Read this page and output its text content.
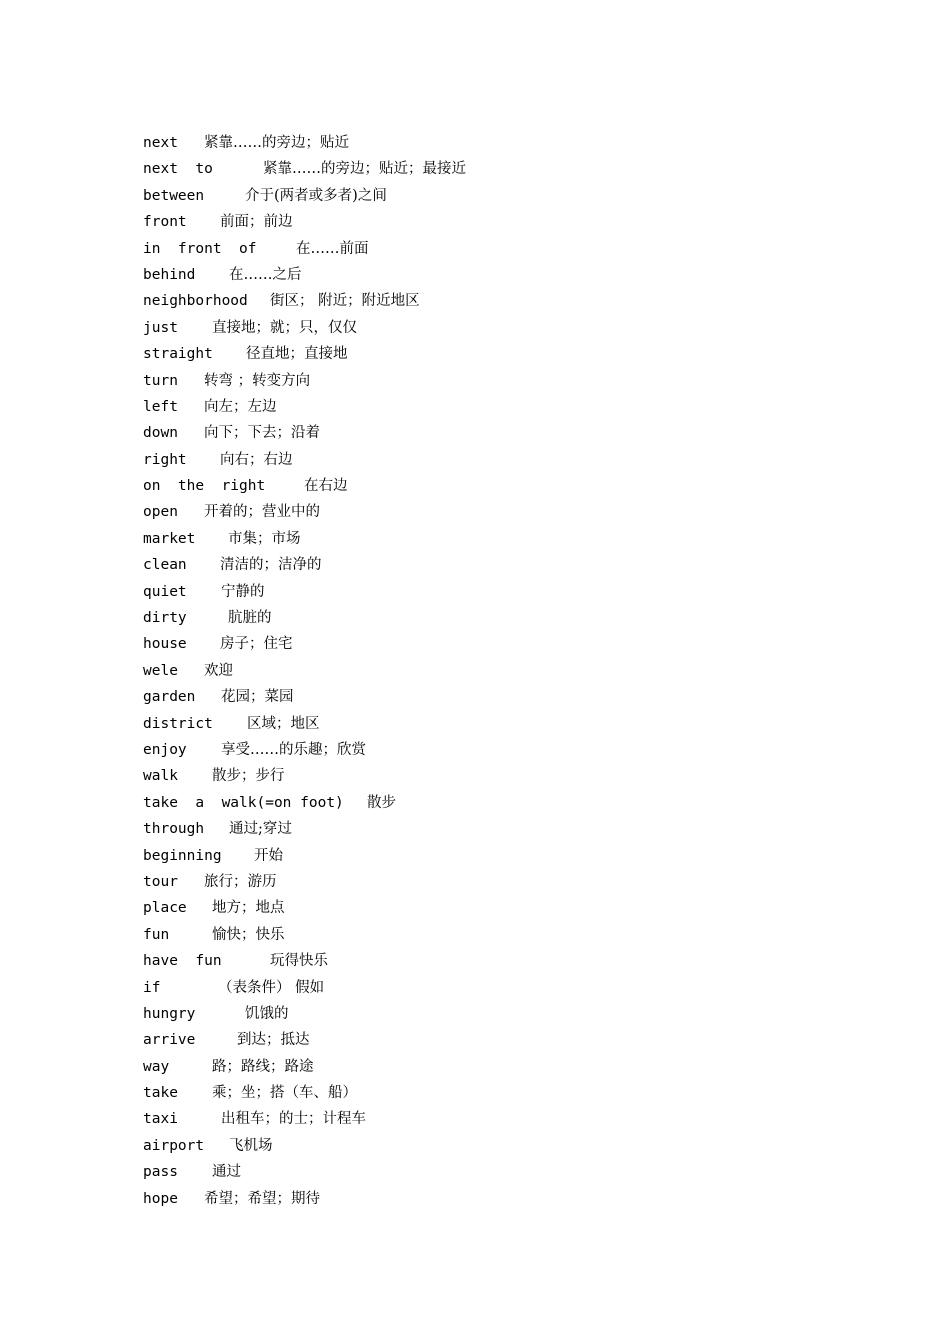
next 紧靠……的旁边；贴近
next  to	紧靠……的旁边；贴近；最接近
between	介于(两者或多者)之间
front 前面；前边
in  front  of	在……前面
behind 在……之后
neighborhood 街区； 附近；附近地区
just 直接地；就；只，仅仅
straight 径直地；直接地
turn 转弯 ；转变方向
left 向左；左边
down 向下；下去；沿着
right 向右；右边
on  the  right	在右边
open 开着的；营业中的
market 市集；市场
clean 清洁的；洁净的
quiet 宁静的
dirty	肮脏的
house 房子；住宅
wele 欢迎
garden 花园；菜园
district 区域；地区
enjoy 享受……的乐趣；欣赏
walk 散步；步行
take  a  walk(=on foot) 散步
through 通过;穿过
beginning 开始
tour 旅行；游历
place 地方；地点
fun	愉快；快乐
have  fun	玩得快乐
if	（表条件） 假如
hungry	饥饿的
arrive	到达；抵达
way	路；路线；路途
take 乘；坐；搭（车、船）
taxi	出租车；的士；计程车
airport 飞机场
pass 通过
hope 希望；希望；期待
